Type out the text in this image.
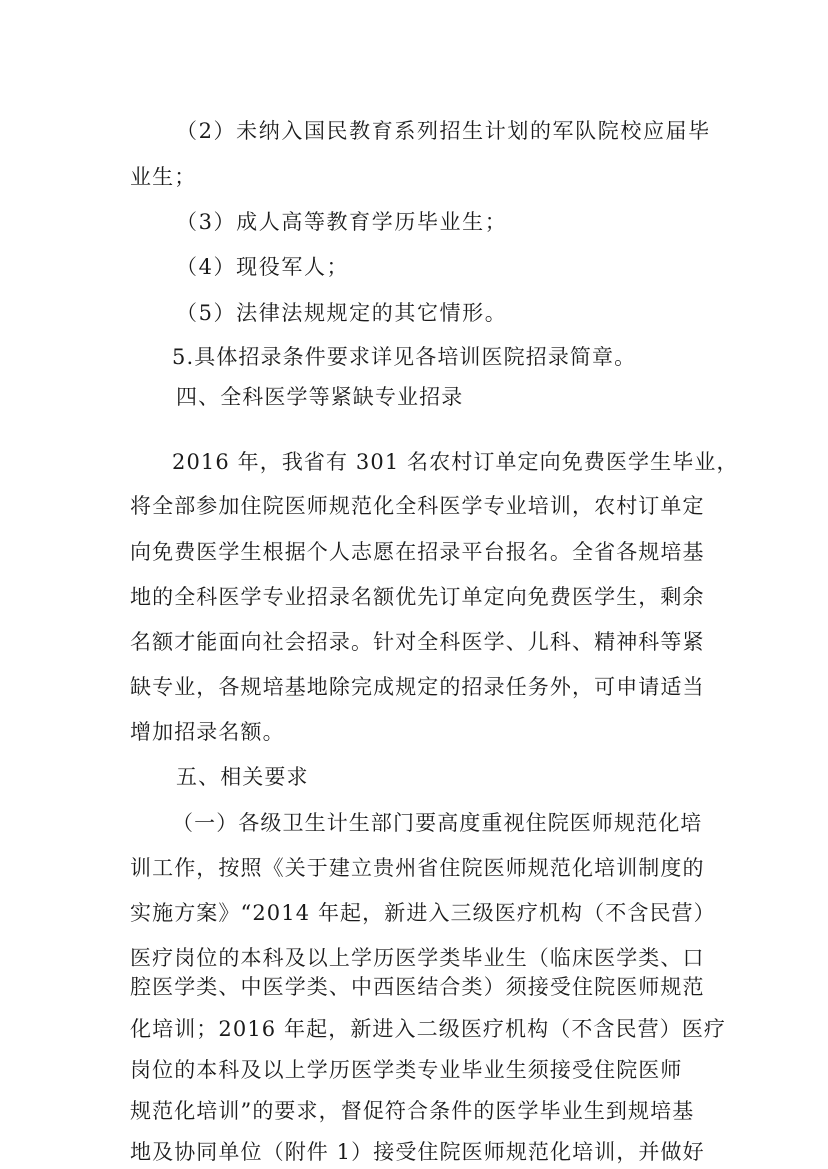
（2）未纳入国民教育系列招生计划的军队院校应届毕
业生；
（3）成人高等教育学历毕业生；
（4）现役军人；
（5）法律法规规定的其它情形。
5.具体招录条件要求详见各培训医院招录简章。
四、全科医学等紧缺专业招录
2016 年，我省有 301 名农村订单定向免费医学生毕业，
将全部参加住院医师规范化全科医学专业培训，农村订单定
向免费医学生根据个人志愿在招录平台报名。全省各规培基
地的全科医学专业招录名额优先订单定向免费医学生，剩余
名额才能面向社会招录。针对全科医学、儿科、精神科等紧
缺专业，各规培基地除完成规定的招录任务外，可申请适当
增加招录名额。
五、相关要求
（一）各级卫生计生部门要高度重视住院医师规范化培
训工作，按照《关于建立贵州省住院医师规范化培训制度的
实施方案》“2014 年起，新进入三级医疗机构（不含民营）
医疗岗位的本科及以上学历医学类毕业生（临床医学类、口
腔医学类、中医学类、中西医结合类）须接受住院医师规范
化培训；2016 年起，新进入二级医疗机构（不含民营）医疗
岗位的本科及以上学历医学类专业毕业生须接受住院医师
规范化培训”的要求，督促符合条件的医学毕业生到规培基
地及协同单位（附件 1）接受住院医师规范化培训，并做好
